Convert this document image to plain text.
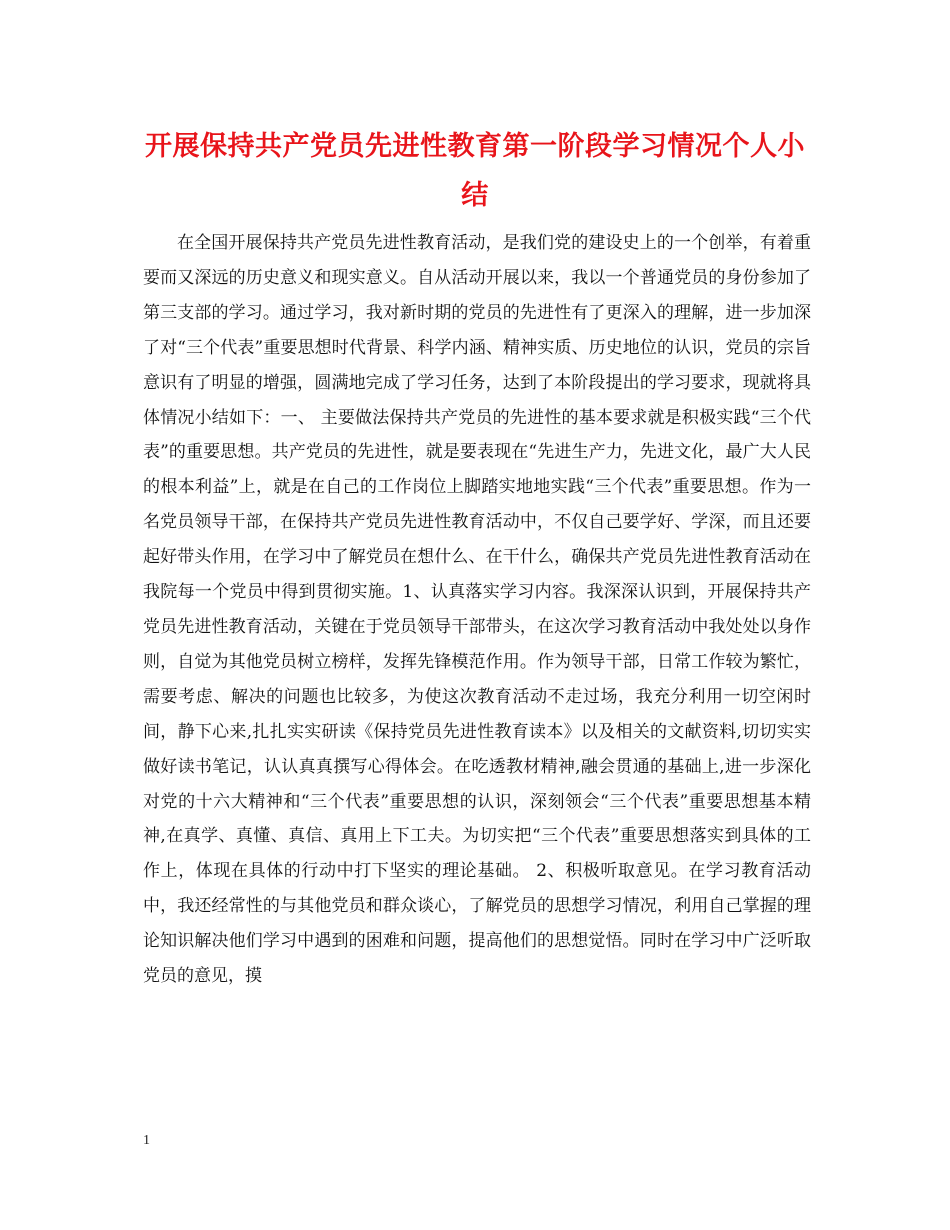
开展保持共产党员先进性教育第一阶段学习情况个人小结

在全国开展保持共产党员先进性教育活动，是我们党的建设史上的一个创举，有着重要而又深远的历史意义和现实意义。自从活动开展以来，我以一个普通党员的身份参加了第三支部的学习。通过学习，我对新时期的党员的先进性有了更深入的理解，进一步加深了对“三个代表”重要思想时代背景、科学内涵、精神实质、历史地位的认识，党员的宗旨意识有了明显的增强，圆满地完成了学习任务，达到了本阶段提出的学习要求，现就将具体情况小结如下：一、 主要做法保持共产党员的先进性的基本要求就是积极实践“三个代表”的重要思想。共产党员的先进性，就是要表现在“先进生产力，先进文化，最广大人民的根本利益”上，就是在自己的工作岗位上脚踏实地地实践“三个代表”重要思想。作为一名党员领导干部，在保持共产党员先进性教育活动中，不仅自己要学好、学深，而且还要起好带头作用，在学习中了解党员在想什么、在干什么，确保共产党员先进性教育活动在我院每一个党员中得到贯彻实施。1、认真落实学习内容。我深深认识到，开展保持共产党员先进性教育活动，关键在于党员领导干部带头，在这次学习教育活动中我处处以身作则，自觉为其他党员树立榜样，发挥先锋模范作用。作为领导干部，日常工作较为繁忙，需要考虑、解决的问题也比较多，为使这次教育活动不走过场，我充分利用一切空闲时间，静下心来,扎扎实实研读《保持党员先进性教育读本》以及相关的文献资料,切切实实做好读书笔记，认认真真撰写心得体会。在吃透教材精神,融会贯通的基础上,进一步深化对党的十六大精神和“三个代表”重要思想的认识，深刻领会“三个代表”重要思想基本精神,在真学、真懂、真信、真用上下工夫。为切实把“三个代表”重要思想落实到具体的工作上，体现在具体的行动中打下坚实的理论基础。 2、积极听取意见。在学习教育活动中，我还经常性的与其他党员和群众谈心，了解党员的思想学习情况，利用自己掌握的理论知识解决他们学习中遇到的困难和问题，提高他们的思想觉悟。同时在学习中广泛听取党员的意见，摸

1
